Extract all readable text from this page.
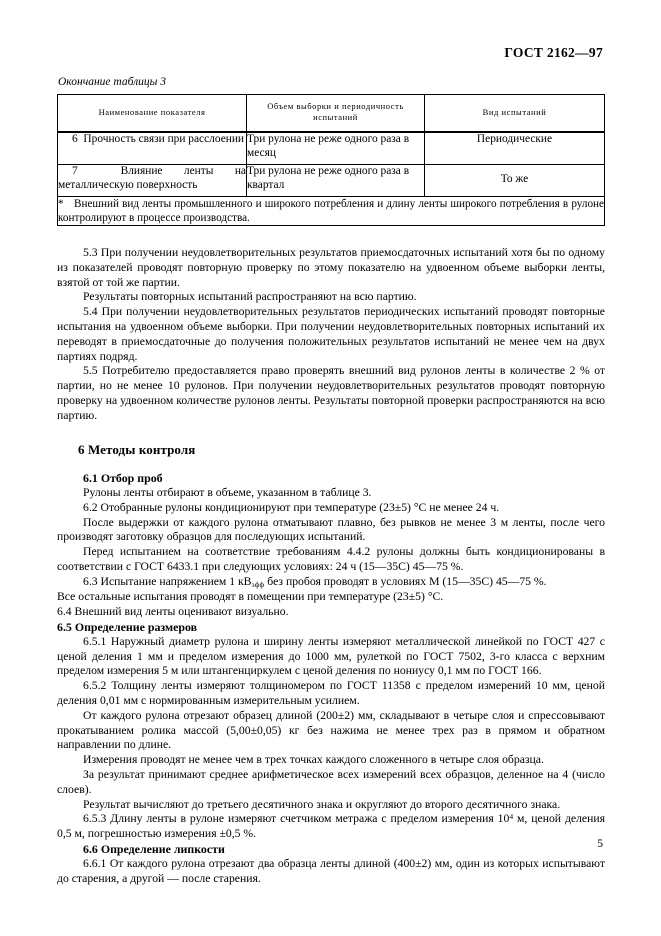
ГОСТ 2162—97
Окончание таблицы 3
Наименование показателя	Объем выборки и периодичность испытаний	Вид испытаний
6 Прочность связи при расслоении	Три рулона не реже одного раза в месяц	Периодические
7 Влияние ленты на металлическую поверхность	Три рулона не реже одного раза в квартал	То же
* Внешний вид ленты промышленного и широкого потребления и длину ленты широкого потребления в рулоне контролируют в процессе производства.		

5.3 При получении неудовлетворительных результатов приемосдаточных испытаний хотя бы по одному из показателей проводят повторную проверку по этому показателю на удвоенном объеме выборки ленты, взятой от той же партии.

Результаты повторных испытаний распространяют на всю партию.

5.4 При получении неудовлетворительных результатов периодических испытаний проводят повторные испытания на удвоенном объеме выборки. При получении неудовлетворительных повторных испытаний их переводят в приемосдаточные до получения положительных результатов испытаний не менее чем на двух партиях подряд.

5.5 Потребителю предоставляется право проверять внешний вид рулонов ленты в количестве 2 % от партии, но не менее 10 рулонов. При получении неудовлетворительных результатов проводят повторную проверку на удвоенном количестве рулонов ленты. Результаты повторной проверки распространяются на всю партию.

6 Методы контроля
6.1 Отбор проб

Рулоны ленты отбирают в объеме, указанном в таблице 3.

6.2 Отобранные рулоны кондиционируют при температуре (23±5) °С не менее 24 ч.

После выдержки от каждого рулона отматывают плавно, без рывков не менее 3 м ленты, после чего производят заготовку образцов для последующих испытаний.

Перед испытанием на соответствие требованиям 4.4.2 рулоны должны быть кондиционированы в соответствии с ГОСТ 6433.1 при следующих условиях: 24 ч (15—35С) 45—75 %.

6.3 Испытание напряжением 1 $кВ_{эфф}$ без пробоя проводят в условиях М (15—35С) 45—75 %.

Все остальные испытания проводят в помещении при температуре (23±5) °С.

6.4 Внешний вид ленты оценивают визуально.

6.5 Определение размеров

6.5.1 Наружный диаметр рулона и ширину ленты измеряют металлической линейкой по ГОСТ 427 с ценой деления 1 мм и пределом измерения до 1000 мм, рулеткой по ГОСТ 7502, 3-го класса с верхним пределом измерения 5 м или штангенциркулем с ценой деления по нониусу 0,1 мм по ГОСТ 166.

6.5.2 Толщину ленты измеряют толщиномером по ГОСТ 11358 с пределом измерений 10 мм, ценой деления 0,01 мм с нормированным измерительным усилием.

От каждого рулона отрезают образец длиной (200±2) мм, складывают в четыре слоя и спрессовывают прокатыванием ролика массой (5,00±0,05) кг без нажима не менее трех раз в прямом и обратном направлении по длине.

Измерения проводят не менее чем в трех точках каждого сложенного в четыре слоя образца.

За результат принимают среднее арифметическое всех измерений всех образцов, деленное на 4 (число слоев).

Результат вычисляют до третьего десятичного знака и округляют до второго десятичного знака.

6.5.3 Длину ленты в рулоне измеряют счетчиком метража с пределом измерения $10^4$ м, ценой деления 0,5 м, погрешностью измерения ±0,5 %.

6.6 Определение липкости

6.6.1 От каждого рулона отрезают два образца ленты длиной (400±2) мм, один из которых испытывают до старения, а другой — после старения.

5
